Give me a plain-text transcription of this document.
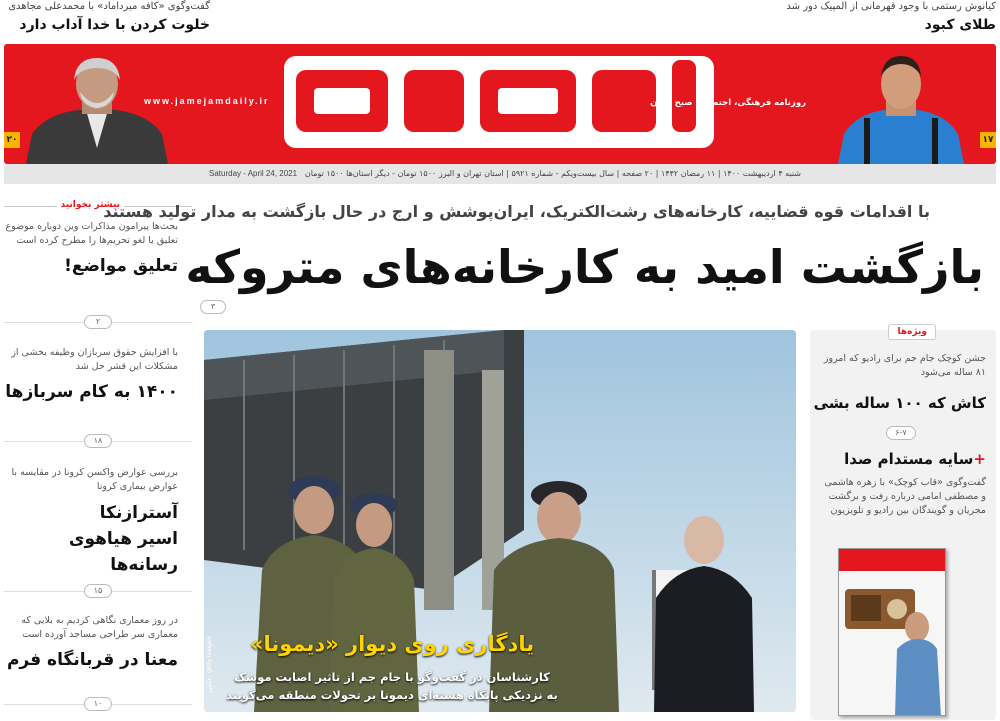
کیانوش رستمی با وجود قهرمانی از المپیک دور شد
طلای کبود
گفت‌وگوی «کافه میرداماد» با محمدعلی مجاهدی
خلوت کردن با خدا آداب دارد
روزنامه فرهنگی، اجتماعی صبح ایران
www.jamejamdaily.ir
۱۷
۲۰
شنبه ۴ اردیبهشت ۱۴۰۰ | ۱۱ رمضان ۱۴۴۲ | ۲۰ صفحه | سال بیست‌ویکم - شماره ۵۹۲۱ | استان تهران و البرز ۱۵۰۰ تومان - دیگر استان‌ها ۱۵۰۰ تومان
Saturday - April 24, 2021
بیشتر بخوانید
بحث‌ها پیرامون مذاکرات وین دوباره موضوع تعلیق یا لغو تحریم‌ها را مطرح کرده است
تعلیق مواضع!
۲
با افزایش حقوق سربازان وظیفه بخشی از مشکلات این قشر حل شد
۱۴۰۰ به کام سربازها
۱۸
بررسی عوارض واکسن کرونا در مقایسه با عوارض بیماری کرونا
آسترازنکا
اسیر هیاهوی رسانه‌ها
۱۵
در روز معماری نگاهی کردیم به بلایی که معماری سر طراحی مساجد آورده است
معنا در قربانگاه فرم
۱۰
با اقدامات قوه قضاییه، کارخانه‌های رشت‌الکتریک، ایران‌پوشش و ارج در حال بازگشت به مدار تولید هستند
بازگشت امید به کارخانه‌های متروکه
۳
یادگاری روی دیوار «دیمونا»
کارشناسان در گفت‌وگو با جام جم از تاثیر اصابت موشک
به نزدیکی پایگاه هسته‌ای دیمونا بر تحولات منطقه می‌گویند
عکس: getty images
ویژه‌ها
جشن کوچک جام جم برای رادیو که امروز ۸۱ ساله می‌شود
کاش که ۱۰۰ ساله بشی
۶-۷
+سایه مستدام صدا
گفت‌وگوی «قاب کوچک» با زهره هاشمی و مصطفی امامی درباره رفت و برگشت مجریان و گویندگان بین رادیو و تلویزیون
